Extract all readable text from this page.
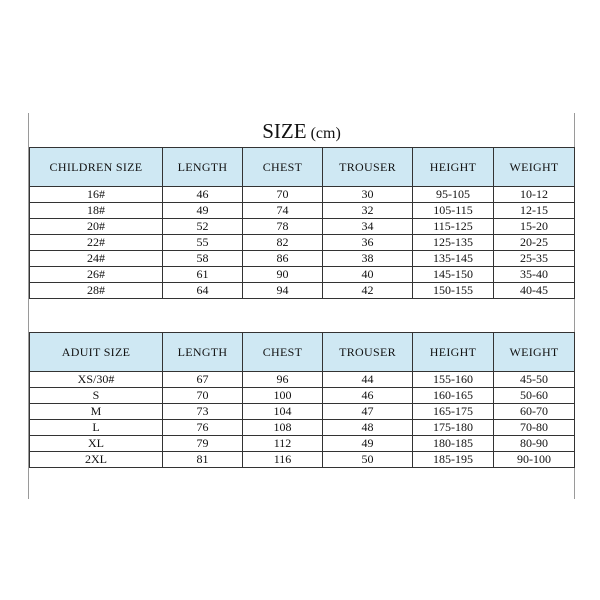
SIZE (cm)
CHILDREN SIZE	LENGTH	CHEST	TROUSER	HEIGHT	WEIGHT
16#	46	70	30	95-105	10-12
18#	49	74	32	105-115	12-15
20#	52	78	34	115-125	15-20
22#	55	82	36	125-135	20-25
24#	58	86	38	135-145	25-35
26#	61	90	40	145-150	35-40
28#	64	94	42	150-155	40-45
ADUIT SIZE	LENGTH	CHEST	TROUSER	HEIGHT	WEIGHT
XS/30#	67	96	44	155-160	45-50
S	70	100	46	160-165	50-60
M	73	104	47	165-175	60-70
L	76	108	48	175-180	70-80
XL	79	112	49	180-185	80-90
2XL	81	116	50	185-195	90-100
